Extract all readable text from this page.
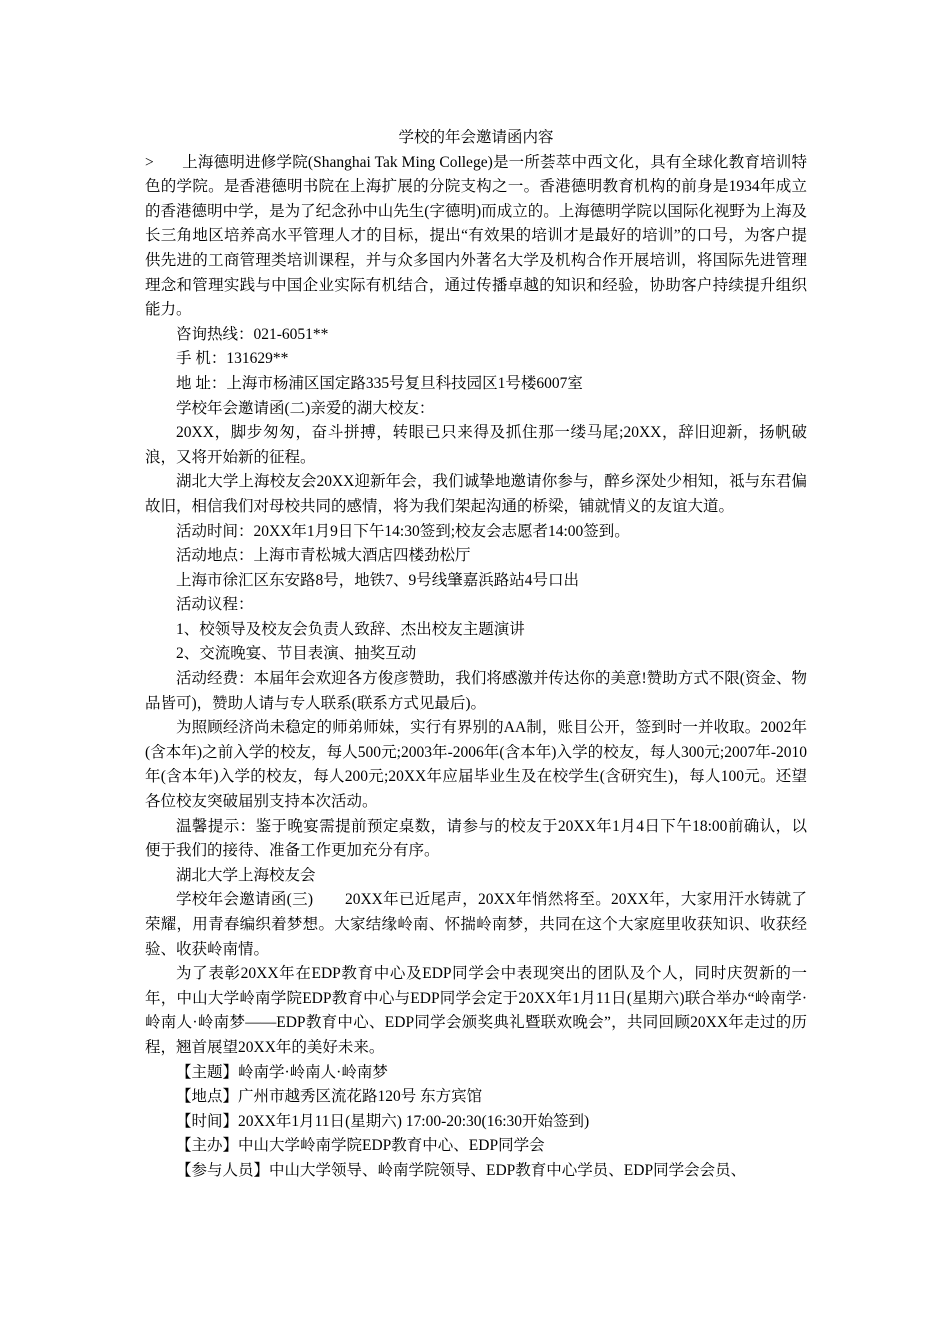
学校的年会邀请函内容

> 上海德明进修学院(Shanghai Tak Ming College)是一所荟萃中西文化，具有全球化教育培训特色的学院。是香港德明书院在上海扩展的分院支构之一。香港德明教育机构的前身是1934年成立的香港德明中学，是为了纪念孙中山先生(字德明)而成立的。上海德明学院以国际化视野为上海及长三角地区培养高水平管理人才的目标，提出“有效果的培训才是最好的培训”的口号，为客户提供先进的工商管理类培训课程，并与众多国内外著名大学及机构合作开展培训，将国际先进管理理念和管理实践与中国企业实际有机结合，通过传播卓越的知识和经验，协助客户持续提升组织能力。

咨询热线：021-6051**

手 机：131629**

地 址：上海市杨浦区国定路335号复旦科技园区1号楼6007室

学校年会邀请函(二)亲爱的湖大校友：

20XX，脚步匆匆，奋斗拼搏，转眼已只来得及抓住那一缕马尾;20XX，辞旧迎新，扬帆破浪，又将开始新的征程。

湖北大学上海校友会20XX迎新年会，我们诚挚地邀请你参与，醉乡深处少相知，祗与东君偏故旧，相信我们对母校共同的感情，将为我们架起沟通的桥梁，铺就情义的友谊大道。

活动时间：20XX年1月9日下午14:30签到;校友会志愿者14:00签到。

活动地点：上海市青松城大酒店四楼劲松厅

上海市徐汇区东安路8号，地铁7、9号线肇嘉浜路站4号口出

活动议程：

1、校领导及校友会负责人致辞、杰出校友主题演讲

2、交流晚宴、节目表演、抽奖互动

活动经费：本届年会欢迎各方俊彦赞助，我们将感激并传达你的美意!赞助方式不限(资金、物品皆可)，赞助人请与专人联系(联系方式见最后)。

为照顾经济尚未稳定的师弟师妹，实行有界别的AA制，账目公开，签到时一并收取。2002年(含本年)之前入学的校友，每人500元;2003年-2006年(含本年)入学的校友，每人300元;2007年-2010年(含本年)入学的校友，每人200元;20XX年应届毕业生及在校学生(含研究生)，每人100元。还望各位校友突破届别支持本次活动。

温馨提示：鉴于晚宴需提前预定桌数，请参与的校友于20XX年1月4日下午18:00前确认，以便于我们的接待、准备工作更加充分有序。

湖北大学上海校友会

学校年会邀请函(三)　　20XX年已近尾声，20XX年悄然将至。20XX年，大家用汗水铸就了荣耀，用青春编织着梦想。大家结缘岭南、怀揣岭南梦，共同在这个大家庭里收获知识、收获经验、收获岭南情。

为了表彰20XX年在EDP教育中心及EDP同学会中表现突出的团队及个人，同时庆贺新的一年，中山大学岭南学院EDP教育中心与EDP同学会定于20XX年1月11日(星期六)联合举办“岭南学·岭南人·岭南梦——EDP教育中心、EDP同学会颁奖典礼暨联欢晚会”，共同回顾20XX年走过的历程，翘首展望20XX年的美好未来。

【主题】岭南学·岭南人·岭南梦

【地点】广州市越秀区流花路120号 东方宾馆

【时间】20XX年1月11日(星期六) 17:00-20:30(16:30开始签到)

【主办】中山大学岭南学院EDP教育中心、EDP同学会

【参与人员】中山大学领导、岭南学院领导、EDP教育中心学员、EDP同学会会员、
